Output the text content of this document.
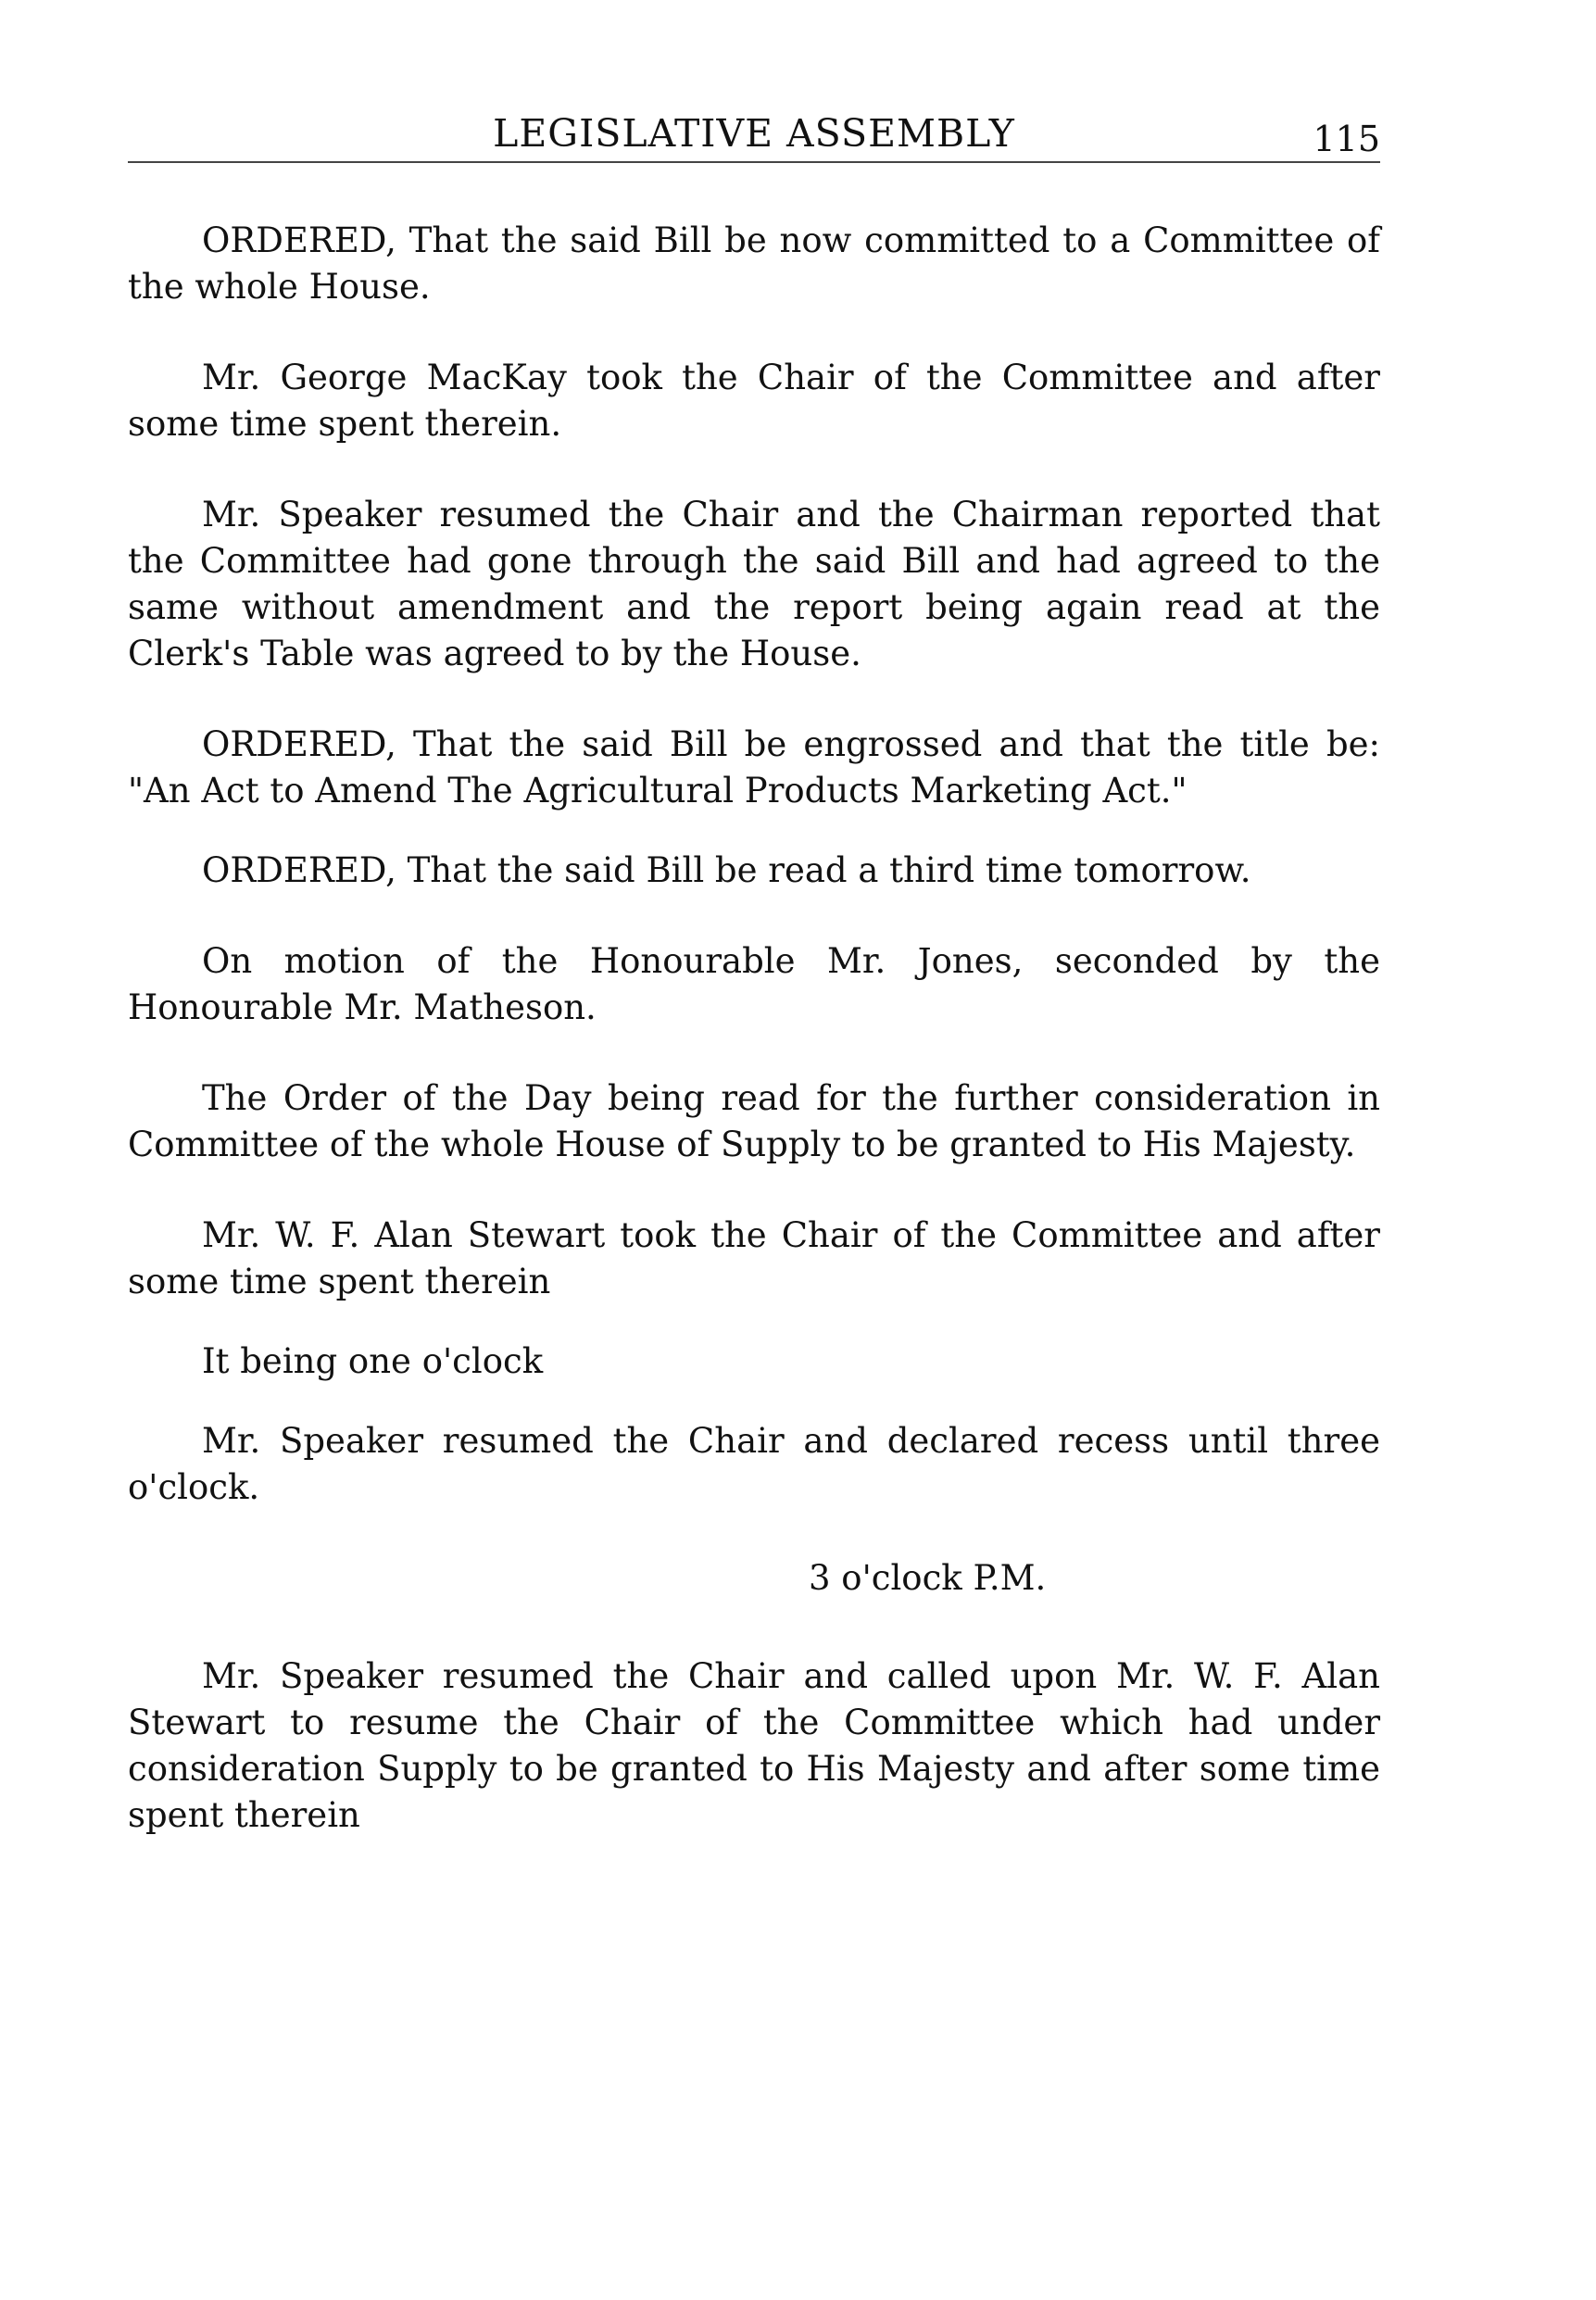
LEGISLATIVE ASSEMBLY	115

ORDERED, That the said Bill be now committed to a Committee of the whole House.

Mr. George MacKay took the Chair of the Committee and after some time spent therein.

Mr. Speaker resumed the Chair and the Chairman reported that the Committee had gone through the said Bill and had agreed to the same without amendment and the report being again read at the Clerk's Table was agreed to by the House.

ORDERED, That the said Bill be engrossed and that the title be: "An Act to Amend The Agricultural Products Marketing Act."

ORDERED, That the said Bill be read a third time tomorrow.

On motion of the Honourable Mr. Jones, seconded by the Honourable Mr. Matheson.

The Order of the Day being read for the further consideration in Committee of the whole House of Supply to be granted to His Majesty.

Mr. W. F. Alan Stewart took the Chair of the Committee and after some time spent therein

It being one o'clock

Mr. Speaker resumed the Chair and declared recess until three o'clock.

3 o'clock P.M.

Mr. Speaker resumed the Chair and called upon Mr. W. F. Alan Stewart to resume the Chair of the Committee which had under consideration Supply to be granted to His Majesty and after some time spent therein
